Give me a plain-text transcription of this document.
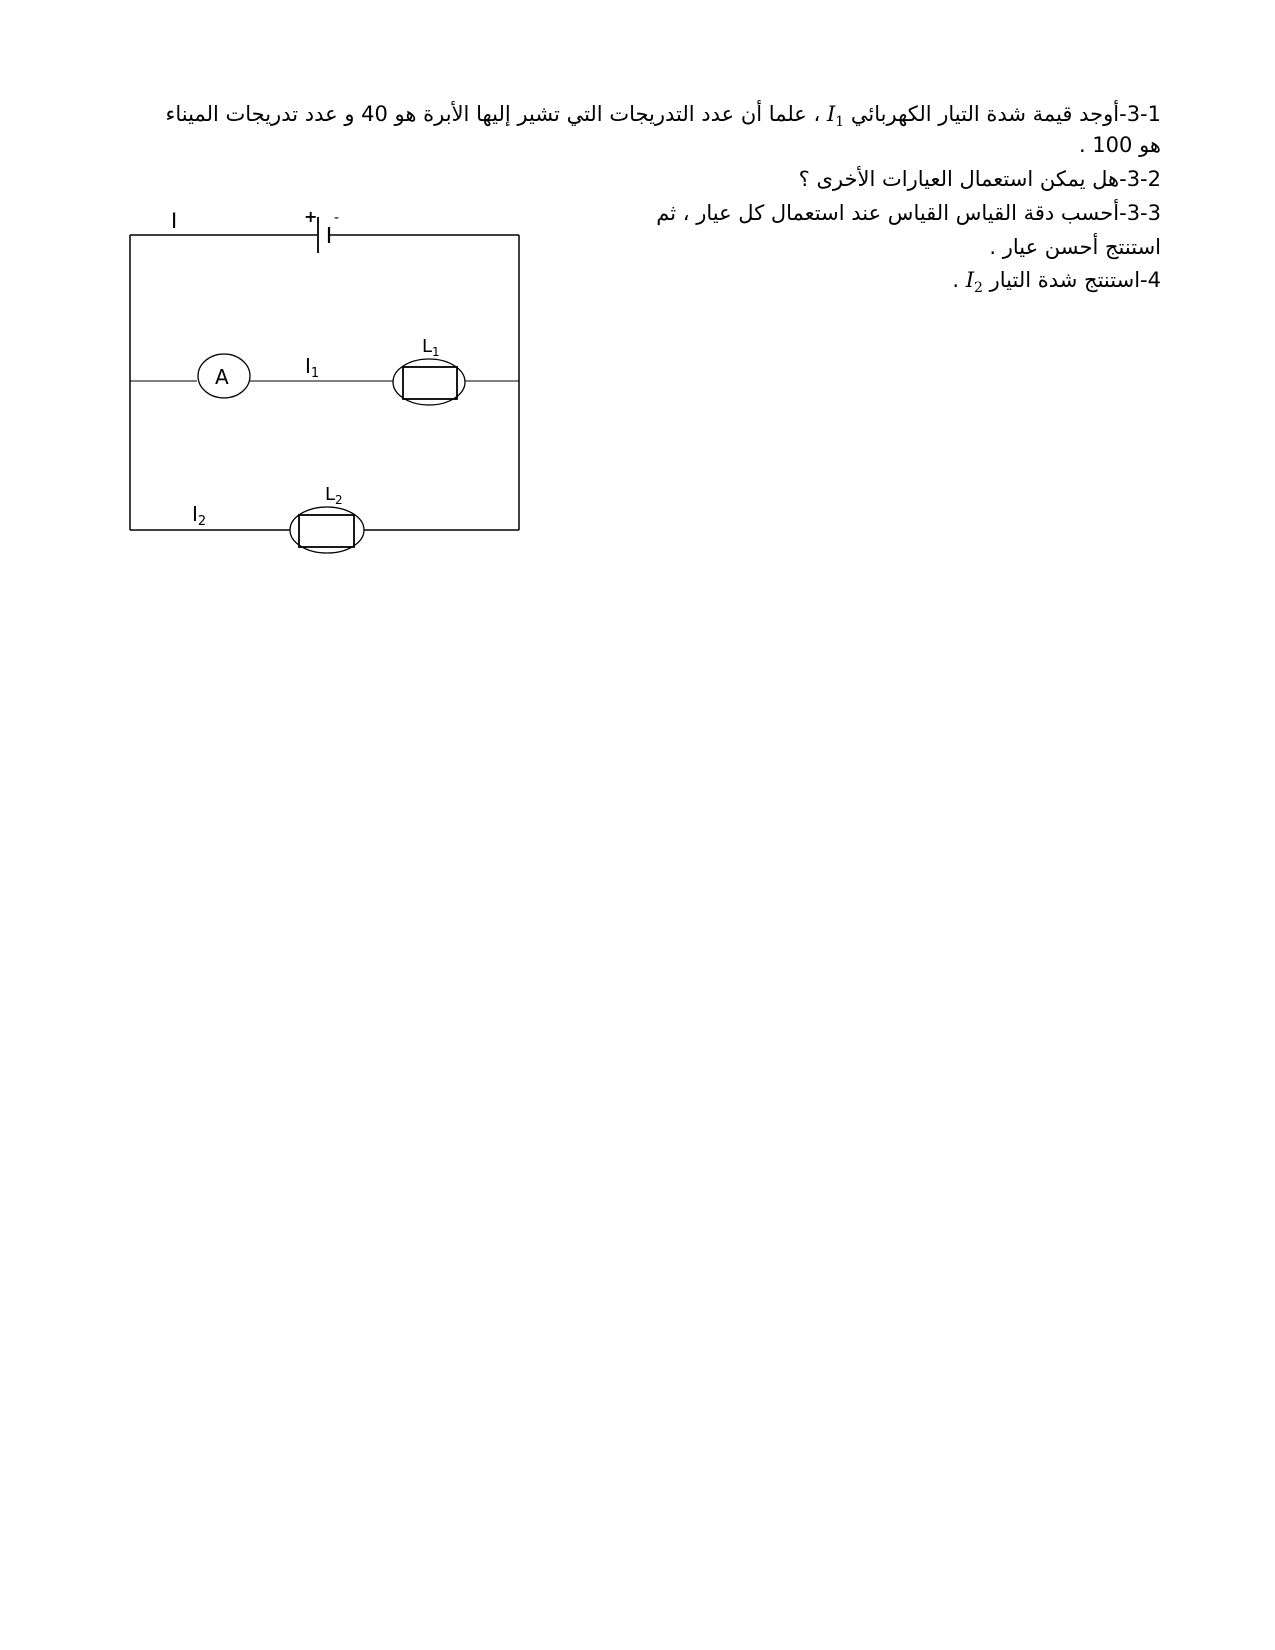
3-1-أوجد قيمة شدة التيار الكهربائي $I_1$ ، علما أن عدد التدريجات التي تشير إليها الأبرة هو 40 و عدد تدريجات الميناء
هو 100 .
3-2-هل يمكن استعمال العيارات الأخرى ؟
3-3-أحسب دقة القياس القياس عند استعمال كل عيار ، ثم
استنتج أحسن عيار .
4-استنتج شدة التيار $I_2$ .
+ -
I
A	$I_1$
$L_1$
$I_2$
$L_2$
